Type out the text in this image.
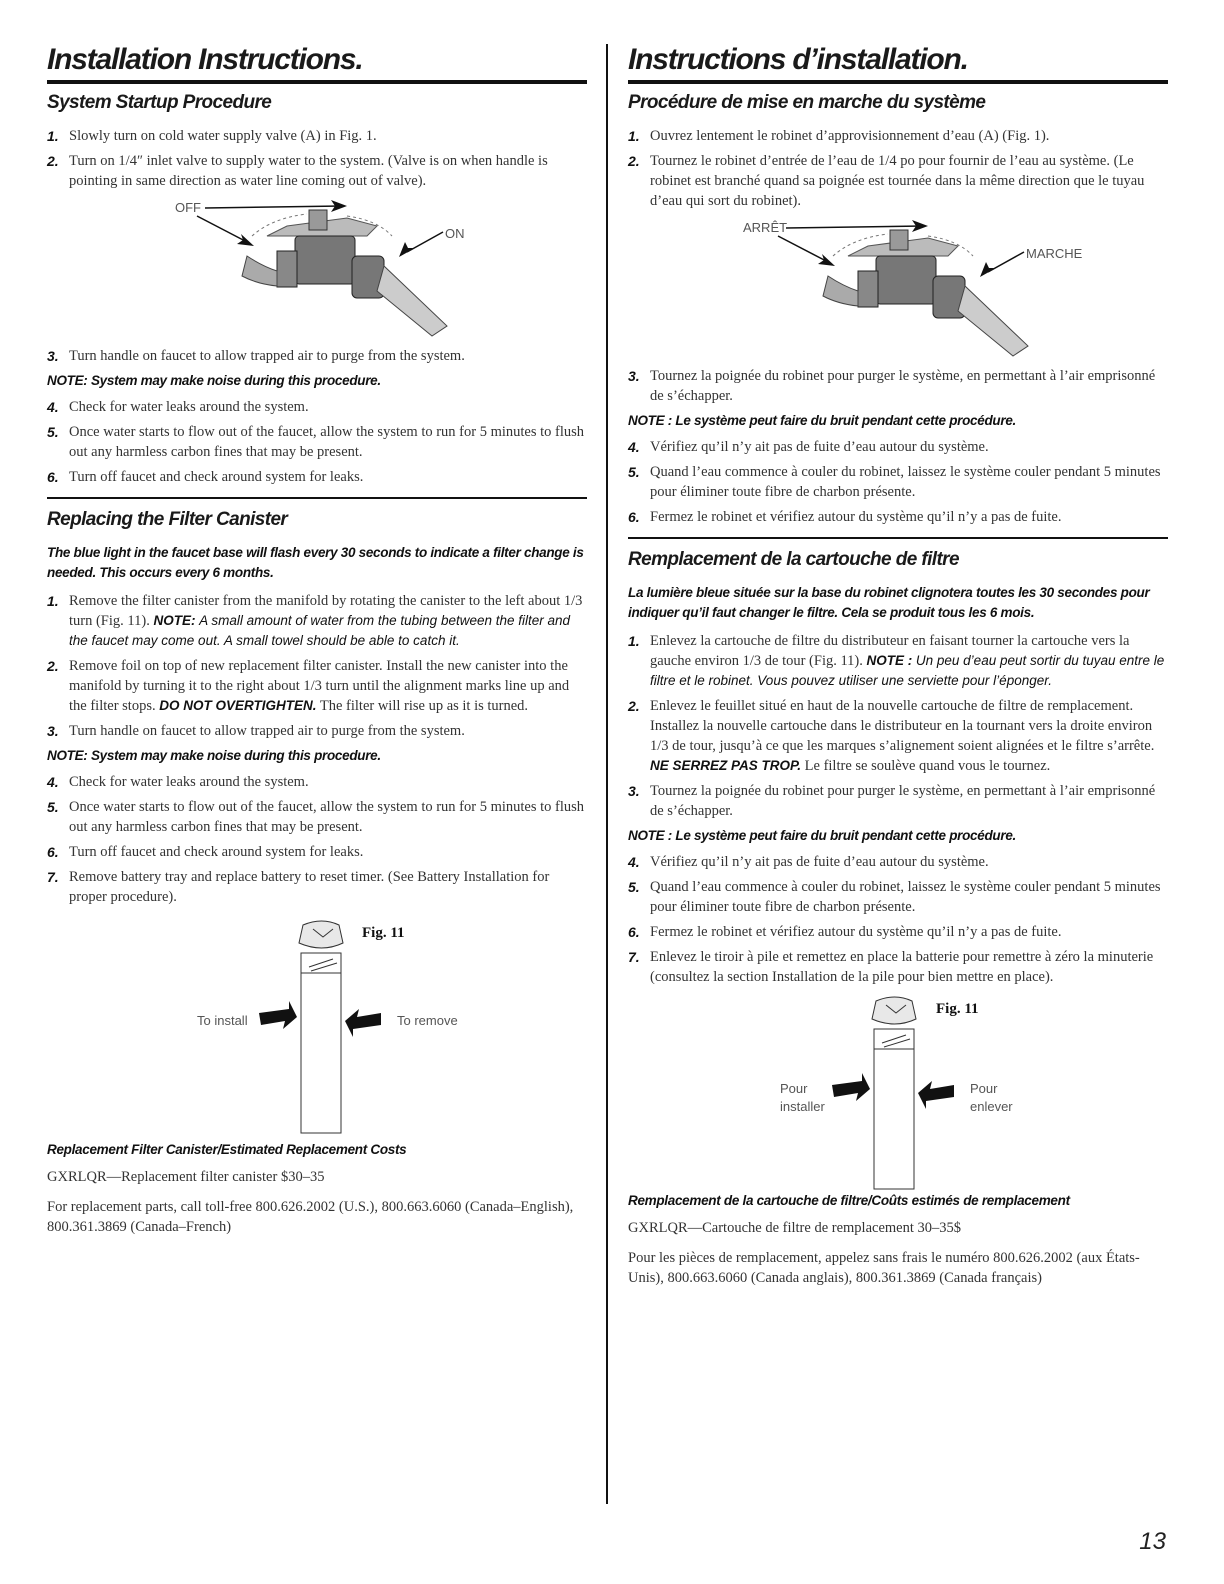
Installation Instructions.
System Startup Procedure
1. Slowly turn on cold water supply valve (A) in Fig. 1.
2. Turn on 1/4″ inlet valve to supply water to the system. (Valve is on when handle is pointing in same direction as water line coming out of valve).
OFF
ON
3. Turn handle on faucet to allow trapped air to purge from the system.
NOTE: System may make noise during this procedure.
4. Check for water leaks around the system.
5. Once water starts to flow out of the faucet, allow the system to run for 5 minutes to flush out any harmless carbon fines that may be present.
6. Turn off faucet and check around system for leaks.
Replacing the Filter Canister
The blue light in the faucet base will flash every 30 seconds to indicate a filter change is needed. This occurs every 6 months.
1. Remove the filter canister from the manifold by rotating the canister to the left about 1/3 turn (Fig. 11). NOTE: A small amount of water from the tubing between the filter and the faucet may come out. A small towel should be able to catch it.
2. Remove foil on top of new replacement filter canister. Install the new canister into the manifold by turning it to the right about 1/3 turn until the alignment marks line up and the filter stops. DO NOT OVERTIGHTEN. The filter will rise up as it is turned.
3. Turn handle on faucet to allow trapped air to purge from the system.
NOTE: System may make noise during this procedure.
4. Check for water leaks around the system.
5. Once water starts to flow out of the faucet, allow the system to run for 5 minutes to flush out any harmless carbon fines that may be present.
6. Turn off faucet and check around system for leaks.
7. Remove battery tray and replace battery to reset timer. (See Battery Installation for proper procedure).
Fig. 11
To install	To remove
Replacement Filter Canister/Estimated Replacement Costs

GXRLQR—Replacement filter canister $30–35

For replacement parts, call toll-free 800.626.2002 (U.S.), 800.663.6060 (Canada–English), 800.361.3869 (Canada–French)

Instructions d’installation.
Procédure de mise en marche du système
1. Ouvrez lentement le robinet d’approvisionnement d’eau (A) (Fig. 1).
2. Tournez le robinet d’entrée de l’eau de 1/4 po pour fournir de l’eau au système. (Le robinet est branché quand sa poignée est tournée dans la même direction que le tuyau d’eau qui sort du robinet).
ARRÊT
MARCHE
3. Tournez la poignée du robinet pour purger le système, en permettant à l’air emprisonné de s’échapper.
NOTE : Le système peut faire du bruit pendant cette procédure.
4. Vérifiez qu’il n’y ait pas de fuite d’eau autour du système.
5. Quand l’eau commence à couler du robinet, laissez le système couler pendant 5 minutes pour éliminer toute fibre de charbon présente.
6. Fermez le robinet et vérifiez autour du système qu’il n’y a pas de fuite.
Remplacement de la cartouche de filtre
La lumière bleue située sur la base du robinet clignotera toutes les 30 secondes pour indiquer qu’il faut changer le filtre. Cela se produit tous les 6 mois.
1. Enlevez la cartouche de filtre du distributeur en faisant tourner la cartouche vers la gauche environ 1/3 de tour (Fig. 11). NOTE : Un peu d’eau peut sortir du tuyau entre le filtre et le robinet. Vous pouvez utiliser une serviette pour l’éponger.
2. Enlevez le feuillet situé en haut de la nouvelle cartouche de filtre de remplacement. Installez la nouvelle cartouche dans le distributeur en la tournant vers la droite environ 1/3 de tour, jusqu’à ce que les marques s’alignement soient alignées et le filtre s’arrête. NE SERREZ PAS TROP. Le filtre se soulève quand vous le tournez.
3. Tournez la poignée du robinet pour purger le système, en permettant à l’air emprisonné de s’échapper.
NOTE : Le système peut faire du bruit pendant cette procédure.
4. Vérifiez qu’il n’y ait pas de fuite d’eau autour du système.
5. Quand l’eau commence à couler du robinet, laissez le système couler pendant 5 minutes pour éliminer toute fibre de charbon présente.
6. Fermez le robinet et vérifiez autour du système qu’il n’y a pas de fuite.
7. Enlevez le tiroir à pile et remettez en place la batterie pour remettre à zéro la minuterie (consultez la section Installation de la pile pour bien mettre en place).
Fig. 11
Pour
installer
Pour
enlever
Remplacement de la cartouche de filtre/Coûts estimés de remplacement

GXRLQR—Cartouche de filtre de remplacement 30–35$

Pour les pièces de remplacement, appelez sans frais le numéro 800.626.2002 (aux États-Unis), 800.663.6060 (Canada anglais), 800.361.3869 (Canada français)

13
